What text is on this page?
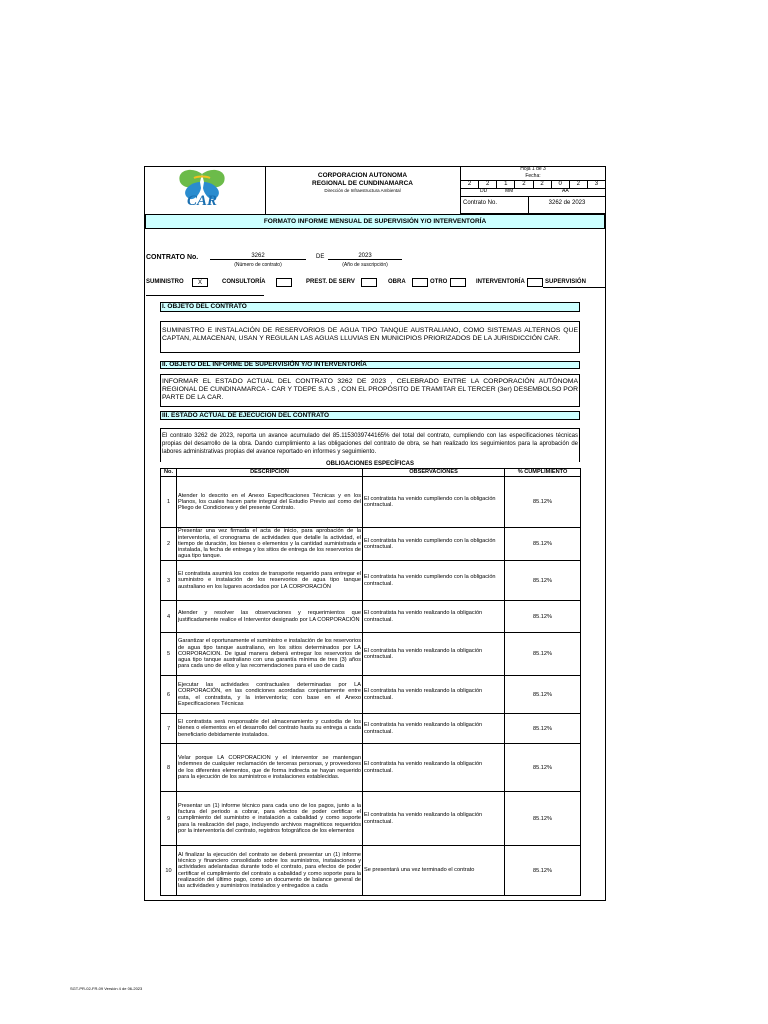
CAR
CORPORACION AUTONOMA
REGIONAL DE CUNDINAMARCA
Dirección de Infraestructura Ambiental
Hoja 1 de 3
Fecha:
2	2	1	2	2	0	2	3
DD	MM	AA
Contrato No.	3262 de 2023
FORMATO INFORME MENSUAL DE SUPERVISIÓN Y/O INTERVENTORÍA
CONTRATO No.	3262
(Número de contrato)
DE	2023
(Año de suscripción)
SUMINISTRO	X	CONSULTORÍA	PREST. DE SERV	OBRA	OTRO	INTERVENTORÍA	SUPERVISIÓN
I. OBJETO DEL CONTRATO
SUMINISTRO E INSTALACIÓN DE RESERVORIOS DE AGUA TIPO TANQUE AUSTRALIANO, COMO SISTEMAS ALTERNOS QUE CAPTAN, ALMACENAN, USAN Y REGULAN LAS AGUAS LLUVIAS EN MUNICIPIOS PRIORIZADOS DE LA JURISDICCIÓN CAR.
II. OBJETO DEL INFORME DE SUPERVISIÓN Y/O INTERVENTORÍA
INFORMAR EL ESTADO ACTUAL DEL CONTRATO 3262 DE 2023 , CELEBRADO ENTRE LA CORPORACIÓN AUTÓNOMA REGIONAL DE CUNDINAMARCA - CAR Y TDEPE S.A.S , CON EL PROPÓSITO DE TRAMITAR EL TERCER (3er) DESEMBOLSO POR PARTE DE LA CAR.
III. ESTADO ACTUAL DE EJECUCIÓN DEL CONTRATO
El contrato 3262 de 2023, reporta un avance acumulado del 85.1153039744165% del total del contrato, cumpliendo con las especificaciones técnicas propias del desarrollo de la obra. Dando cumplimiento a las obligaciones del contrato de obra, se han realizado los seguimientos para la aprobación de labores administrativas propias del avance reportado en informes y seguimiento.
OBLIGACIONES ESPECÍFICAS
No.	DESCRIPCIÓN	OBSERVACIONES	% CUMPLIMIENTO
1	Atender lo descrito en el Anexo Especificaciones Técnicas y en los Planos, los cuales hacen parte integral del Estudio Previo así como del Pliego de Condiciones y del presente Contrato.	El contratista ha venido cumpliendo con la obligación contractual.	85.12%
2	Presentar una vez firmada el acta de inicio, para aprobación de la interventoría, el cronograma de actividades que detalle la actividad, el tiempo de duración, los bienes o elementos y la cantidad suministrada e instalada, la fecha de entrega y los sitios de entrega de los reservorios de agua tipo tanque.	El contratista ha venido cumpliendo con la obligación contractual.	85.12%
3	El contratista asumirá los costos de transporte requerido para entregar el suministro e instalación de los reservorios de agua tipo tanque australiano en los lugares acordados por LA CORPORACIÓN	El contratista ha venido cumpliendo con la obligación contractual.	85.12%
4	Atender y resolver las observaciones y requerimientos que justificadamente realice el Interventor designado por LA CORPORACIÓN	El contratista ha venido realizando la obligación contractual.	85.12%
5	Garantizar el oportunamente el suministro e instalación de los reservorios de agua tipo tanque australiano, en los sitios determinados por LA CORPORACION. De igual manera deberá entregar los reservorios de agua tipo tanque australiano con una garantía mínima de tres (3) años para cada uno de ellos y las recomendaciones para el uso de cada	El contratista ha venido realizando la obligación contractual.	85.12%
6	Ejecutar las actividades contractuales determinadas por LA CORPORACIÓN, en las condiciones acordadas conjuntamente entre esta, el contratista, y la interventoría; con base en el Anexo Especificaciones Técnicas	El contratista ha venido realizando la obligación contractual.	85.12%
7	El contratista será responsable del almacenamiento y custodia de los bienes o elementos en el desarrollo del contrato hasta su entrega a cada beneficiario debidamente instalados.	El contratista ha venido realizando la obligación contractual.	85.12%
8	Velar porque LA CORPORACION y el interventor se mantengan indemnes de cualquier reclamación de terceras personas, y proveedores de los diferentes elementos, que de forma indirecta se hayan requerido para la ejecución de los suministros e instalaciones establecidas.	El contratista ha venido realizando la obligación contractual.	85.12%
9	Presentar un (1) informe técnico para cada uno de los pagos, junto a la factura del periodo a cobrar, para efectos de poder certificar el cumplimiento del suministro e instalación a cabalidad y como soporte para la realización del pago, incluyendo archivos magnéticos requeridos por la interventoría del contrato, registros fotográficos de los elementos	El contratista ha venido realizando la obligación contractual.	85.12%
10	Al finalizar la ejecución del contrato se deberá presentar un (1) informe técnico y financiero consolidado sobre los suministros, instalaciones y actividades adelantadas durante todo el contrato, para efectos de poder certificar el cumplimiento del contrato a cabalidad y como soporte para la realización del último pago, como un documento de balance general de las actividades y suministros instalados y entregados a cada	Se presentará una vez terminado el contrato	85.12%
SGT-PR-02-FR-09 Versión 4 de 06-2023
